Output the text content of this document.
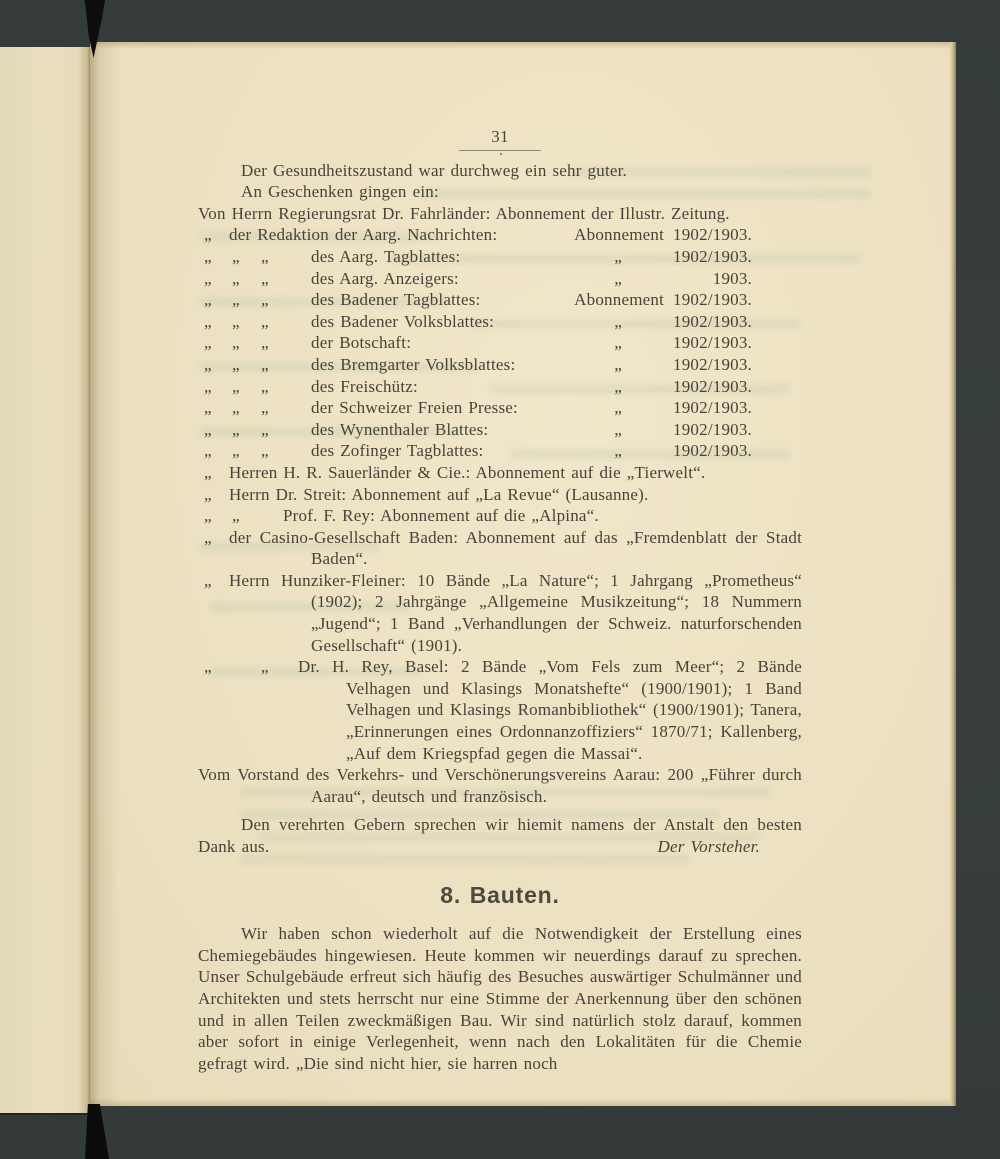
31

Der Gesundheitszustand war durchweg ein sehr guter.

An Geschenken gingen ein:

Von Herrn Regierungsrat Dr. Fahrländer: Abonnement der Illustr. Zeitung.

„ der Redaktion der Aarg. Nachrichten:	Abonnement 1902/1903.
„ „ „ des Aarg. Tagblattes:	„	1902/1903.
„ „ „ des Aarg. Anzeigers:	„	1903.
„ „ „ des Badener Tagblattes:	Abonnement 1902/1903.
„ „ „ des Badener Volksblattes:	„	1902/1903.
„ „ „ der Botschaft:	„	1902/1903.
„ „ „ des Bremgarter Volksblattes:	„	1902/1903.
„ „ „ des Freischütz:	„	1902/1903.
„ „ „ der Schweizer Freien Presse:	„	1902/1903.
„ „ „ des Wynenthaler Blattes:	„	1902/1903.
„ „ „ des Zofinger Tagblattes:	„	1902/1903.
„	Herren H. R. Sauerländer & Cie.: Abonnement auf die „Tierwelt“.
„	Herrn Dr. Streit: Abonnement auf „La Revue“ (Lausanne).
„ „	Prof. F. Rey: Abonnement auf die „Alpina“.
„	der Casino-Gesellschaft Baden: Abonnement auf das „Fremdenblatt der Stadt Baden“.
„	Herrn Hunziker-Fleiner: 10 Bände „La Nature“; 1 Jahrgang „Prometheus“ (1902); 2 Jahrgänge „Allgemeine Musikzeitung“; 18 Nummern „Jugend“; 1 Band „Verhandlungen der Schweiz. naturforschenden Gesellschaft“ (1901).
„	„	Dr. H. Rey, Basel: 2 Bände „Vom Fels zum Meer“; 2 Bände Velhagen und Klasings Monatshefte“ (1900/1901); 1 Band Velhagen und Klasings Romanbibliothek“ (1900/1901); Tanera, „Erinnerungen eines Ordonnanzoffiziers“ 1870/71; Kallenberg, „Auf dem Kriegspfad gegen die Massai“.
Vom Vorstand des Verkehrs- und Verschönerungsvereins Aarau: 200 „Führer durch Aarau“, deutsch und französisch.

Den verehrten Gebern sprechen wir hiemit namens der Anstalt den besten Dank aus.	Der Vorsteher.

8. Bauten.

Wir haben schon wiederholt auf die Notwendigkeit der Erstellung eines Chemiegebäudes hingewiesen. Heute kommen wir neuerdings darauf zu sprechen. Unser Schulgebäude erfreut sich häufig des Besuches auswärtiger Schulmänner und Architekten und stets herrscht nur eine Stimme der Anerkennung über den schönen und in allen Teilen zweckmäßigen Bau. Wir sind natürlich stolz darauf, kommen aber sofort in einige Verlegenheit, wenn nach den Lokalitäten für die Chemie gefragt wird. „Die sind nicht hier, sie harren noch
